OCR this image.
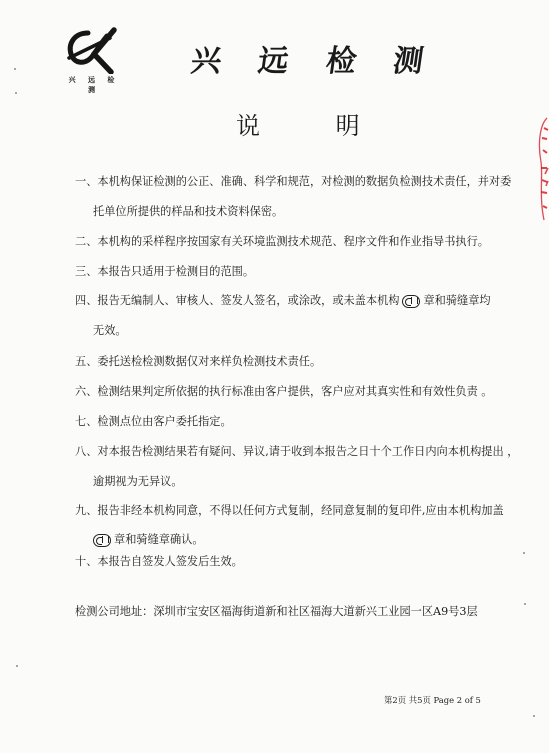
兴 远 检 测
兴 远 检 测
说 明
一、本机构保证检测的公正、准确、科学和规范，对检测的数据负检测技术责任，并对委
托单位所提供的样品和技术资料保密。
二、本机构的采样程序按国家有关环境监测技术规范、程序文件和作业指导书执行。
三、本报告只适用于检测目的范围。
四、报告无编制人、审核人、签发人签名，或涂改，或未盖本机构 章和骑缝章均
无效。
五、委托送检检测数据仅对来样负检测技术责任。
六、检测结果判定所依据的执行标准由客户提供，客户应对其真实性和有效性负责 。
七、检测点位由客户委托指定。
八、对本报告检测结果若有疑问、异议,请于收到本报告之日十个工作日内向本机构提出 ，
逾期视为无异议。
九、报告非经本机构同意，不得以任何方式复制，经同意复制的复印件,应由本机构加盖
章和骑缝章确认。
十、本报告自签发人签发后生效。
检测公司地址：深圳市宝安区福海街道新和社区福海大道新兴工业园一区A9号3层
第2页 共5页 Page 2 of 5
